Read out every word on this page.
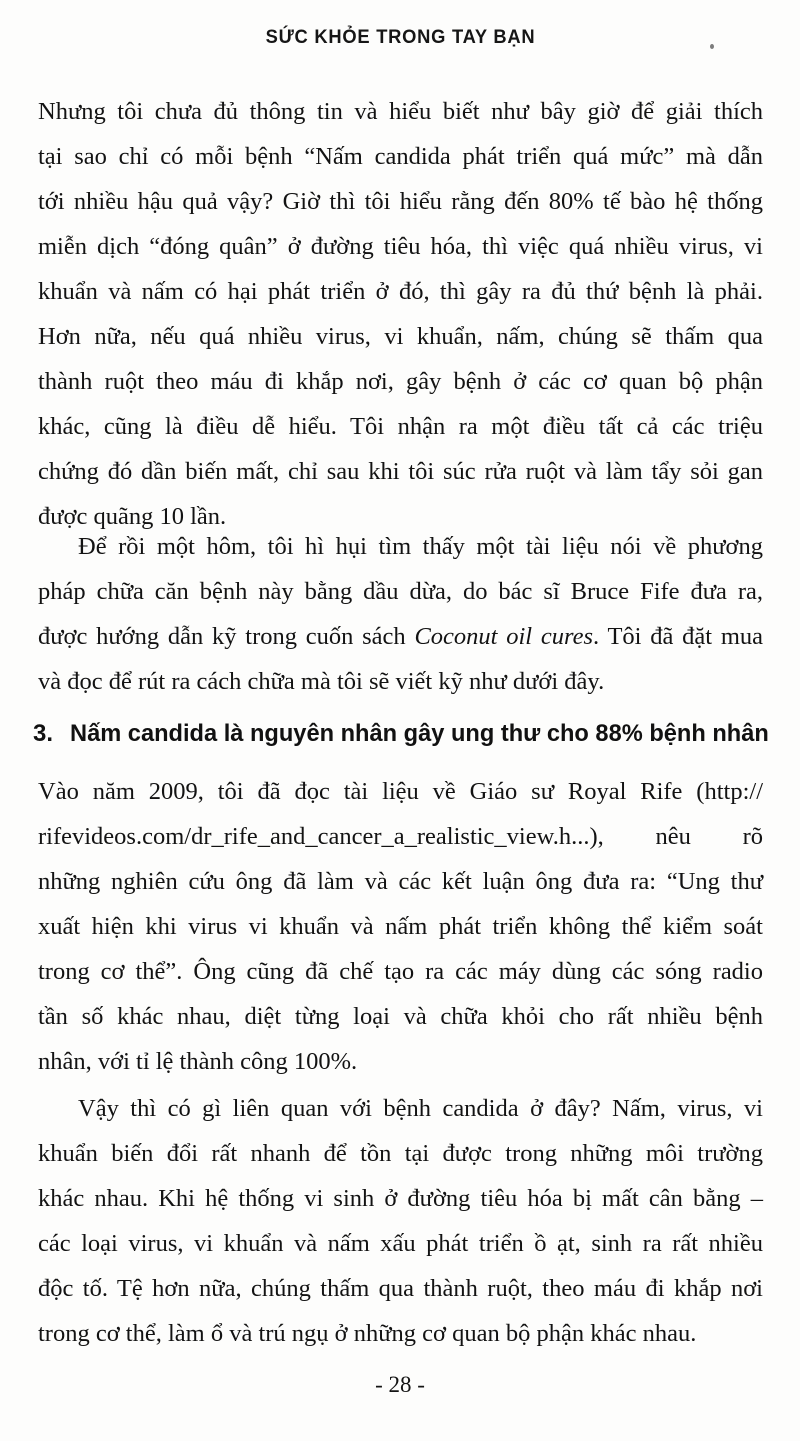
SỨC KHỎE TRONG TAY BẠN
Nhưng tôi chưa đủ thông tin và hiểu biết như bây giờ để giải thích
tại sao chỉ có mỗi bệnh “Nấm candida phát triển quá mức” mà dẫn
tới nhiều hậu quả vậy? Giờ thì tôi hiểu rằng đến 80% tế bào hệ thống
miễn dịch “đóng quân” ở đường tiêu hóa, thì việc quá nhiều virus, vi
khuẩn và nấm có hại phát triển ở đó, thì gây ra đủ thứ bệnh là phải.
Hơn nữa, nếu quá nhiều virus, vi khuẩn, nấm, chúng sẽ thấm qua
thành ruột theo máu đi khắp nơi, gây bệnh ở các cơ quan bộ phận
khác, cũng là điều dễ hiểu. Tôi nhận ra một điều tất cả các triệu
chứng đó dần biến mất, chỉ sau khi tôi súc rửa ruột và làm tẩy sỏi gan
được quãng 10 lần.
Để rồi một hôm, tôi hì hụi tìm thấy một tài liệu nói về phương
pháp chữa căn bệnh này bằng dầu dừa, do bác sĩ Bruce Fife đưa ra,
được hướng dẫn kỹ trong cuốn sách Coconut oil cures. Tôi đã đặt mua
và đọc để rút ra cách chữa mà tôi sẽ viết kỹ như dưới đây.
3. Nấm candida là nguyên nhân gây ung thư cho 88% bệnh nhân
Vào năm 2009, tôi đã đọc tài liệu về Giáo sư Royal Rife (http://
rifevideos.com/dr_rife_and_cancer_a_realistic_view.h...), nêu rõ
những nghiên cứu ông đã làm và các kết luận ông đưa ra: “Ung thư
xuất hiện khi virus vi khuẩn và nấm phát triển không thể kiểm soát
trong cơ thể”. Ông cũng đã chế tạo ra các máy dùng các sóng radio
tần số khác nhau, diệt từng loại và chữa khỏi cho rất nhiều bệnh
nhân, với tỉ lệ thành công 100%.
Vậy thì có gì liên quan với bệnh candida ở đây? Nấm, virus, vi
khuẩn biến đổi rất nhanh để tồn tại được trong những môi trường
khác nhau. Khi hệ thống vi sinh ở đường tiêu hóa bị mất cân bằng –
các loại virus, vi khuẩn và nấm xấu phát triển ồ ạt, sinh ra rất nhiều
độc tố. Tệ hơn nữa, chúng thấm qua thành ruột, theo máu đi khắp nơi
trong cơ thể, làm ổ và trú ngụ ở những cơ quan bộ phận khác nhau.
- 28 -
